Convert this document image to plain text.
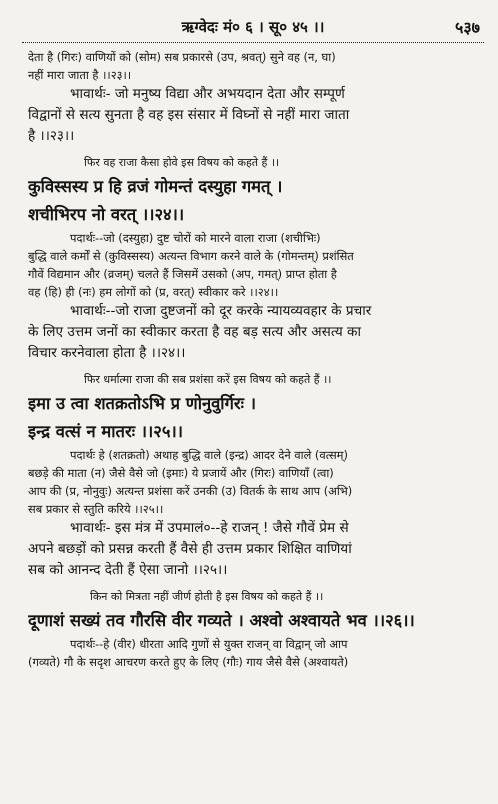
ऋग्वेदः मं० ६ । सू० ४५ ।।	५३७
देता है (गिरः) वाणियों को (सोम) सब प्रकारसे (उप, श्रवत्) सुने वह (न, घा)
नहीं मारा जाता है ।।२३।।
भावार्थः- जो मनुष्य विद्या और अभयदान देता और सम्पूर्ण
विद्वानों से सत्य सुनता है वह इस संसार में विघ्नों से नहीं मारा जाता
है ।।२३।।
फिर वह राजा कैसा होवे इस विषय को कहते हैं ।।
कुविस्सस्य प्र हि व्रजं गोमन्तं दस्युहा गमत् ।
शचीभिरप नो वरत् ।।२४।।
पदार्थः--जो (दस्युहा) दुष्ट चोरों को मारने वाला राजा (शचीभिः)
बुद्धि वाले कर्मों से (कुविस्सस्य) अत्यन्त विभाग करने वाले के (गोमन्तम्) प्रशंसित
गौवें विद्यमान और (व्रजम्) चलते हैं जिसमें उसको (अप, गमत्) प्राप्त होता है
वह (हि) ही (नः) हम लोगों को (प्र, वरत्) स्वीकार करे ।।२४।।
भावार्थः--जो राजा दुष्टजनों को दूर करके न्यायव्यवहार के प्रचार
के लिए उत्तम जनों का स्वीकार करता है वह बड़ सत्य और असत्य का
विचार करनेवाला होता है ।।२४।।
फिर धर्मात्मा राजा की सब प्रशंसा करें इस विषय को कहते हैं ।।
इमा उ त्वा शतक्रतोऽभि प्र णोनुवुर्गिरः ।
इन्द्र वत्सं न मातरः ।।२५।।
पदार्थः हे (शतक्रतो) अथाह बुद्धि वाले (इन्द्र) आदर देने वाले (वत्सम्)
बछड़े की माता (न) जैसे वैसे जो (इमाः) ये प्रजायें और (गिरः) वाणियाँ (त्वा)
आप की (प्र, नोनुवुः) अत्यन्त प्रशंसा करें उनकी (उ) वितर्क के साथ आप (अभि)
सब प्रकार से स्तुति करिये ।।२५।।
भावार्थः- इस मंत्र में उपमालं०--हे राजन् ! जैसे गौवें प्रेम से
अपने बछड़ों को प्रसन्न करती हैं वैसे ही उत्तम प्रकार शिक्षित वाणियां
सब को आनन्द देती हैं ऐसा जानो ।।२५।।
किन को मित्रता नहीं जीर्ण होती है इस विषय को कहते हैं ।।
दूणाशं सख्यं तव गौरसि वीर गव्यते । अश्वो अश्वायते भव ।।२६।।
पदार्थः--हे (वीर) धीरता आदि गुणों से युक्त राजन् वा विद्वान् जो आप
(गव्यते) गौ के सदृश आचरण करते हुए के लिए (गौः) गाय जैसे वैसे (अश्वायते)
